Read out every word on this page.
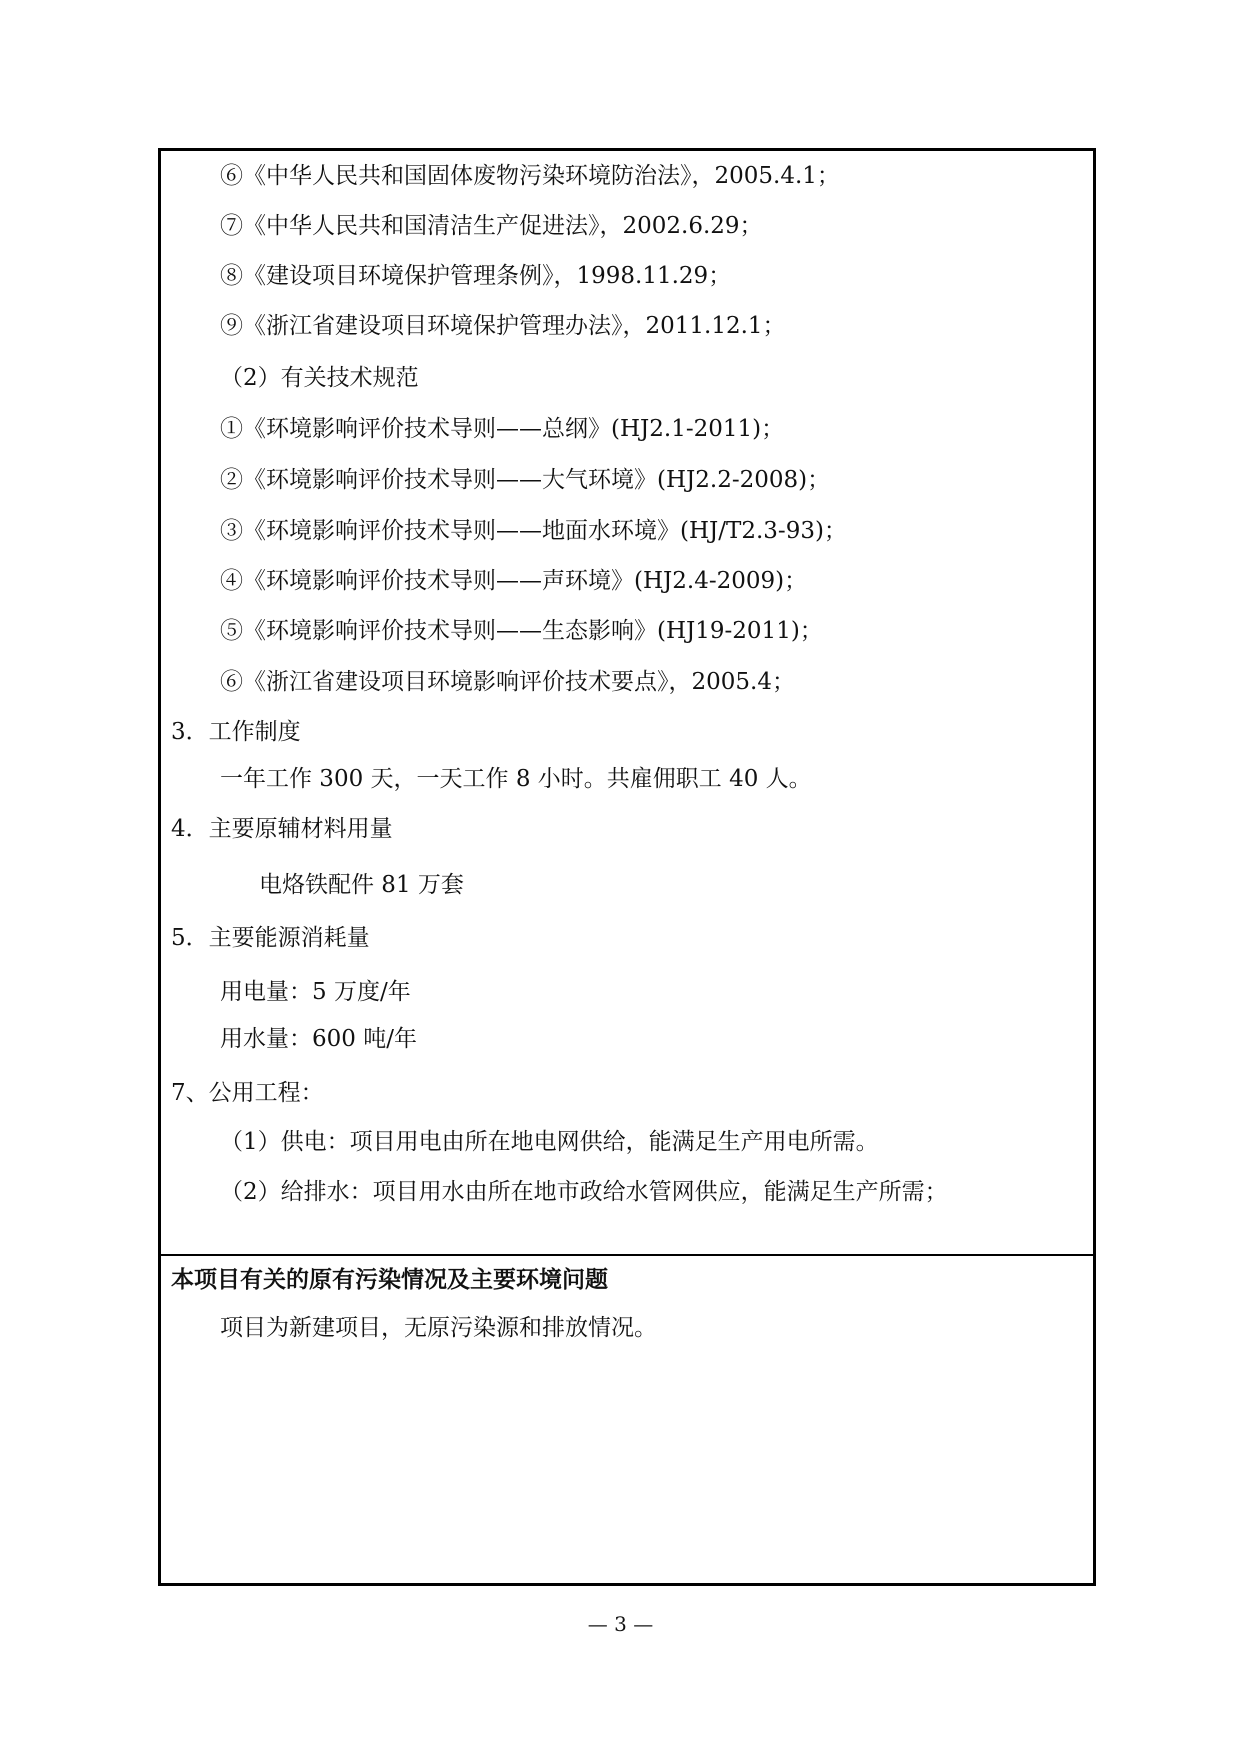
⑥《中华人民共和国固体废物污染环境防治法》，2005.4.1；
⑦《中华人民共和国清洁生产促进法》，2002.6.29；
⑧《建设项目环境保护管理条例》，1998.11.29；
⑨《浙江省建设项目环境保护管理办法》，2011.12.1；
（2）有关技术规范
①《环境影响评价技术导则——总纲》(HJ2.1-2011)；
②《环境影响评价技术导则——大气环境》(HJ2.2-2008)；
③《环境影响评价技术导则——地面水环境》(HJ/T2.3-93)；
④《环境影响评价技术导则——声环境》(HJ2.4-2009)；
⑤《环境影响评价技术导则——生态影响》(HJ19-2011)；
⑥《浙江省建设项目环境影响评价技术要点》，2005.4；
3．工作制度
一年工作 300 天，一天工作 8 小时。共雇佣职工 40 人。
4．主要原辅材料用量
电烙铁配件 81 万套
5．主要能源消耗量
用电量：5 万度/年
用水量：600 吨/年
7、公用工程：
（1）供电：项目用电由所在地电网供给，能满足生产用电所需。
（2）给排水：项目用水由所在地市政给水管网供应，能满足生产所需；
本项目有关的原有污染情况及主要环境问题
项目为新建项目，无原污染源和排放情况。
— 3 —
